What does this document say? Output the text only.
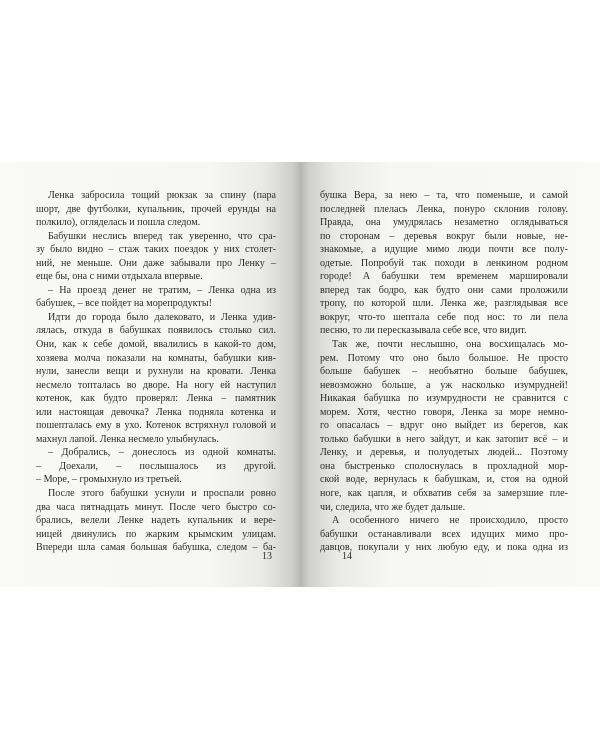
Ленка забросила тощий рюкзак за спину (пара
шорт, две футболки, купальник, прочей ерунды на
полкило), огляделась и пошла следом.
Бабушки неслись вперед так уверенно, что сра-
зу было видно – стаж таких поездок у них столет-
ний, не меньше. Они даже забывали про Ленку –
еще бы, она с ними отдыхала впервые.
– На проезд денег не тратим, – Ленка одна из
бабушек, – все пойдет на морепродукты!
Идти до города было далековато, и Ленка удив-
лялась, откуда в бабушках появилось столько сил.
Они, как к себе домой, ввалились в какой-то дом,
хозяева молча показали на комнаты, бабушки кив-
нули, занесли вещи и рухнули на кровати. Ленка
несмело топталась во дворе. На ногу ей наступил
котенок, как будто проверял: Ленка – памятник
или настоящая девочка? Ленка подняла котенка и
пошепталась ему в ухо. Котенок встряхнул головой и
махнул лапой. Ленка несмело улыбнулась.
– Добрались, – донеслось из одной комнаты.
– Доехали, – послышалось из другой.
– Море, – громыхнуло из третьей.
После этого бабушки уснули и проспали ровно
два часа пятнадцать минут. После чего быстро со-
брались, велели Ленке надеть купальник и вере-
ницей двинулись по жарким крымским улицам.
Впереди шла самая большая бабушка, следом – ба-
бушка Вера, за нею – та, что поменьше, и самой
последней плелась Ленка, понуро склонив голову.
Правда, она умудрялась незаметно оглядываться
по сторонам – деревья вокруг были новые, не-
знакомые, а идущие мимо люди почти все полу-
одетые. Попробуй так походи в ленкином родном
городе! А бабушки тем временем маршировали
вперед так бодро, как будто они сами проложили
тропу, по которой шли. Ленка же, разглядывая все
вокруг, что-то шептала себе под нос: то ли пела
песню, то ли пересказывала себе все, что видит.
Так же, почти неслышно, она восхищалась мо-
рем. Потому что оно было большое. Не просто
больше бабушек – необъятно больше бабушек,
невозможно больше, а уж насколько изумрудней!
Никакая бабушка по изумрудности не сравнится с
морем. Хотя, честно говоря, Ленка за море немно-
го опасалась – вдруг оно выйдет из берегов, как
только бабушки в него зайдут, и как затопит всё – и
Ленку, и деревья, и полуодетых людей... Поэтому
она быстренько сполоснулась в прохладной мор-
ской воде, вернулась к бабушкам, и, стоя на одной
ноге, как цапля, и обхватив себя за замерзшие пле-
чи, следила, что же будет дальше.
А особенного ничего не происходило, просто
бабушки останавливали всех идущих мимо про-
давцов, покупали у них любую еду, и пока одна из
13	14
